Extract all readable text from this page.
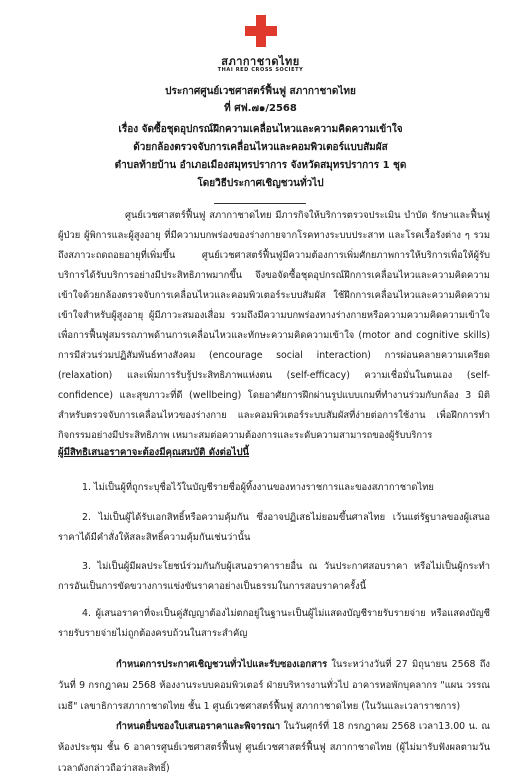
สภากาชาดไทย
THAI RED CROSS SOCIETY
ประกาศศูนย์เวชศาสตร์ฟื้นฟู สภากาชาดไทย
ที่ ศฟ.๗๑/2568
เรื่อง จัดซื้อชุดอุปกรณ์ฝึกความเคลื่อนไหวและความคิดความเข้าใจ
ด้วยกล้องตรวจจับการเคลื่อนไหวและคอมพิวเตอร์แบบสัมผัส
ตำบลท้ายบ้าน อำเภอเมืองสมุทรปราการ จังหวัดสมุทรปราการ 1 ชุด
โดยวิธีประกาศเชิญชวนทั่วไป
ศูนย์เวชศาสตร์ฟื้นฟู สภากาชาดไทย มีภารกิจให้บริการตรวจประเมิน บำบัด รักษาและฟื้นฟูผู้ป่วย ผู้พิการและผู้สูงอายุ ที่มีความบกพร่องของร่างกายจากโรคทางระบบประสาท และโรคเรื้อรังต่าง ๆ รวมถึงสภาวะถดถอยอายุที่เพิ่มขึ้น ศูนย์เวชศาสตร์ฟื้นฟูมีความต้องการเพิ่มศักยภาพการให้บริการเพื่อให้ผู้รับบริการได้รับบริการอย่างมีประสิทธิภาพมากขึ้น จึงขอจัดซื้อชุดอุปกรณ์ฝึกการเคลื่อนไหวและความคิดความเข้าใจด้วยกล้องตรวจจับการเคลื่อนไหวและคอมพิวเตอร์ระบบสัมผัส ใช้ฝึกการเคลื่อนไหวและความคิดความเข้าใจสำหรับผู้สูงอายุ ผู้มีภาวะสมองเสื่อม รวมถึงมีความบกพร่องทางร่างกายหรือความความคิดความเข้าใจ เพื่อการฟื้นฟูสมรรถภาพด้านการเคลื่อนไหวและทักษะความคิดความเข้าใจ (motor and cognitive skills) การมีส่วนร่วมปฏิสัมพันธ์ทางสังคม (encourage social interaction) การผ่อนคลายความเครียด (relaxation) และเพิ่มการรับรู้ประสิทธิภาพแห่งตน (self-efficacy) ความเชื่อมั่นในตนเอง (self-confidence) และสุขภาวะที่ดี (wellbeing) โดยอาศัยการฝึกผ่านรูปแบบเกมที่ทำงานร่วมกับกล้อง 3 มิติสำหรับตรวจจับการเคลื่อนไหวของร่างกาย และคอมพิวเตอร์ระบบสัมผัสที่ง่ายต่อการใช้งาน เพื่อฝึกการทำกิจกรรมอย่างมีประสิทธิภาพ เหมาะสมต่อความต้องการและระดับความสามารถของผู้รับบริการ
ผู้มีสิทธิเสนอราคาจะต้องมีคุณสมบัติ ดังต่อไปนี้
1. ไม่เป็นผู้ที่ถูกระบุชื่อไว้ในบัญชีรายชื่อผู้ทิ้งงานของทางราชการและของสภากาชาดไทย
2. ไม่เป็นผู้ได้รับเอกสิทธิ์หรือความคุ้มกัน ซึ่งอาจปฏิเสธไม่ยอมขึ้นศาลไทย เว้นแต่รัฐบาลของผู้เสนอราคาได้มีคำสั่งให้สละสิทธิ์ความคุ้มกันเช่นว่านั้น
3. ไม่เป็นผู้มีผลประโยชน์ร่วมกันกับผู้เสนอราคารายอื่น ณ วันประกาศสอบราคา หรือไม่เป็นผู้กระทำการอันเป็นการขัดขวางการแข่งขันราคาอย่างเป็นธรรมในการสอบราคาครั้งนี้
4. ผู้เสนอราคาที่จะเป็นคู่สัญญาต้องไม่ตกอยู่ในฐานะเป็นผู้ไม่แสดงบัญชีรายรับรายจ่าย หรือแสดงบัญชีรายรับรายจ่ายไม่ถูกต้องครบถ้วนในสาระสำคัญ
กำหนดการประกาศเชิญชวนทั่วไปและรับซองเอกสาร ในระหว่างวันที่ 27 มิถุนายน 2568 ถึงวันที่ 9 กรกฎาคม 2568 ห้องงานระบบคอมพิวเตอร์ ฝ่ายบริหารงานทั่วไป อาคารหอพักบุคลากร "แผน วรรณเมธี" เลขาธิการสภากาชาดไทย ชั้น 1 ศูนย์เวชศาสตร์ฟื้นฟู สภากาชาดไทย (ในวันและเวลาราชการ)
กำหนดยื่นซองใบเสนอราคาและพิจารณา ในวันศุกร์ที่ 18 กรกฎาคม 2568 เวลา13.00 น. ณ ห้องประชุม ชั้น 6 อาคารศูนย์เวชศาสตร์ฟื้นฟู ศูนย์เวชศาสตร์ฟื้นฟู สภากาชาดไทย (ผู้ไม่มารับฟังผลตามวันเวลาดังกล่าวถือว่าสละสิทธิ์)
